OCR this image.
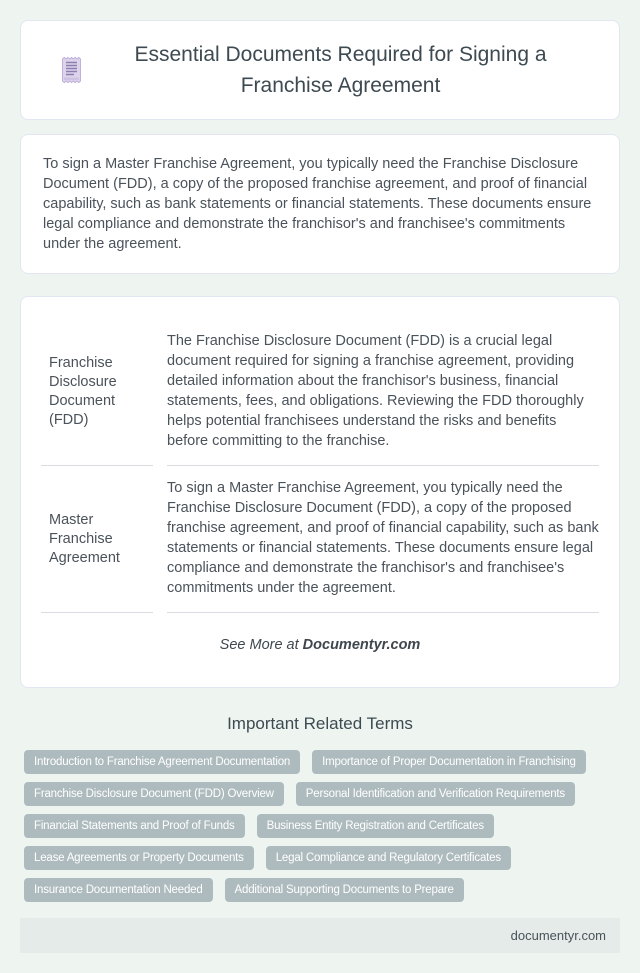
Essential Documents Required for Signing a Franchise Agreement

To sign a Master Franchise Agreement, you typically need the Franchise Disclosure Document (FDD), a copy of the proposed franchise agreement, and proof of financial capability, such as bank statements or financial statements. These documents ensure legal compliance and demonstrate the franchisor's and franchisee's commitments under the agreement.

Franchise Disclosure Document (FDD)
The Franchise Disclosure Document (FDD) is a crucial legal document required for signing a franchise agreement, providing detailed information about the franchisor's business, financial statements, fees, and obligations. Reviewing the FDD thoroughly helps potential franchisees understand the risks and benefits before committing to the franchise.
Master Franchise Agreement
To sign a Master Franchise Agreement, you typically need the Franchise Disclosure Document (FDD), a copy of the proposed franchise agreement, and proof of financial capability, such as bank statements or financial statements. These documents ensure legal compliance and demonstrate the franchisor's and franchisee's commitments under the agreement.
See More at Documentyr.com
Important Related Terms
Introduction to Franchise Agreement Documentation	Importance of Proper Documentation in Franchising
Franchise Disclosure Document (FDD) Overview	Personal Identification and Verification Requirements
Financial Statements and Proof of Funds	Business Entity Registration and Certificates
Lease Agreements or Property Documents	Legal Compliance and Regulatory Certificates
Insurance Documentation Needed	Additional Supporting Documents to Prepare
documentyr.com
